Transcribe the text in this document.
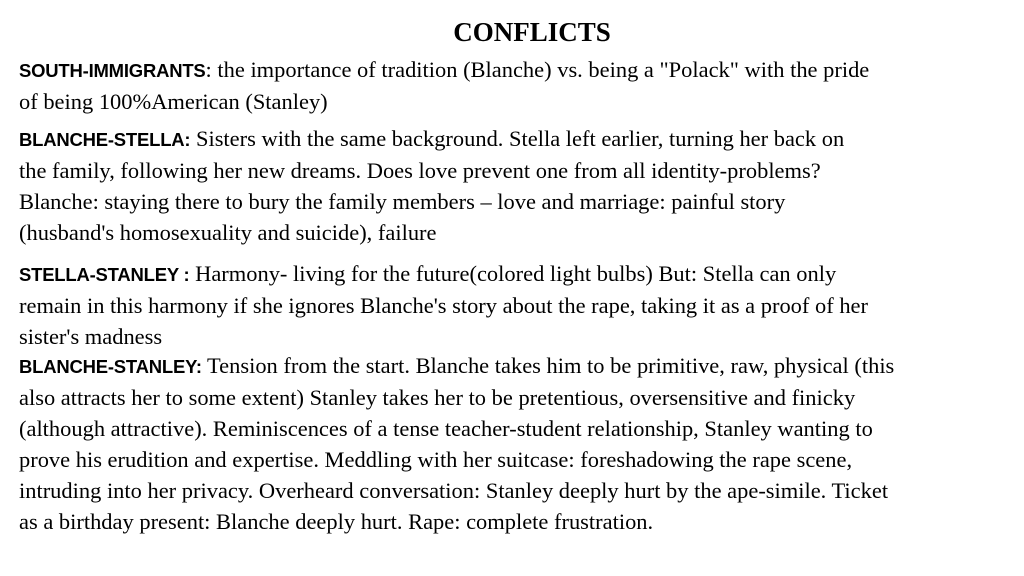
CONFLICTS
SOUTH-IMMIGRANTS: the importance of tradition (Blanche) vs. being a "Polack" with the pride
of being 100%American (Stanley)
BLANCHE-STELLA: Sisters with the same background. Stella left earlier, turning her back on
the family, following her new dreams. Does love prevent one from all identity-problems?
Blanche: staying there to bury the family members – love and marriage: painful story
(husband's homosexuality and suicide), failure
STELLA-STANLEY : Harmony- living for the future(colored light bulbs) But: Stella can only
remain in this harmony if she ignores Blanche's story about the rape, taking it as a proof of her
sister's madness
BLANCHE-STANLEY: Tension from the start. Blanche takes him to be primitive, raw, physical (this
also attracts her to some extent) Stanley takes her to be pretentious, oversensitive and finicky
(although attractive). Reminiscences of a tense teacher-student relationship, Stanley wanting to
prove his erudition and expertise. Meddling with her suitcase: foreshadowing the rape scene,
intruding into her privacy. Overheard conversation: Stanley deeply hurt by the ape-simile. Ticket
as a birthday present: Blanche deeply hurt. Rape: complete frustration.
